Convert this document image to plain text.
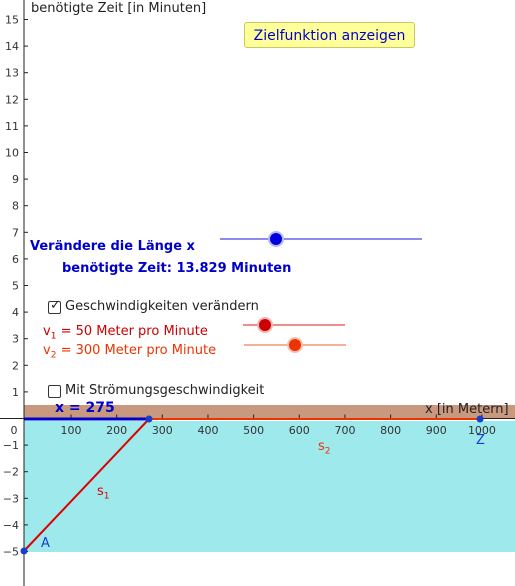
1
2
3
4
5
6
7
8
9
10
11
12
13
14
15
−1
−2
−3
−4
−5
0	100 200 300 400 500 600 700 800 900 1000
benötigte Zeit [in Minuten]
x [in Metern]
Zielfunktion anzeigen
Verändere die Länge x
benötigte Zeit: 13.829 Minuten
✓ Geschwindigkeiten verändern
$v_1 = 50$ Meter pro Minute
$v_2 = 300$ Meter pro Minute
Mit Strömungsgeschwindigkeit
x = 275
$s_2$
$s_1$
A
Z
